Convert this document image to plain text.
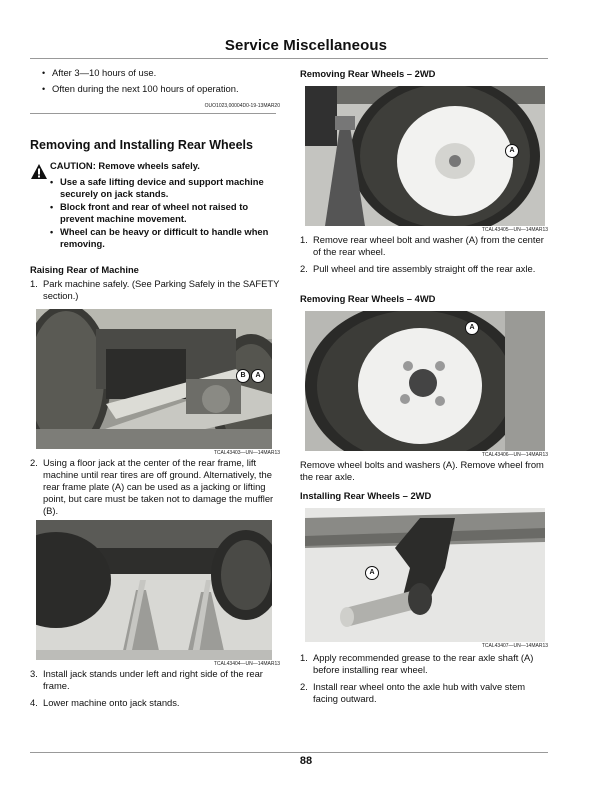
Service Miscellaneous
• After 3—10 hours of use.
• Often during the next 100 hours of operation.
OUO1023,00004D0-19-13MAR20
Removing and Installing Rear Wheels
CAUTION: Remove wheels safely.
• Use a safe lifting device and support machine securely on jack stands.
• Block front and rear of wheel not raised to prevent machine movement.
• Wheel can be heavy or difficult to handle when removing.
Raising Rear of Machine
1. Park machine safely. (See Parking Safely in the SAFETY section.)
B	A
TCAL43403—UN—14MAR13
2. Using a floor jack at the center of the rear frame, lift machine until rear tires are off ground. Alternatively, the rear frame plate (A) can be used as a jacking or lifting point, but care must be taken not to damage the muffler (B).
TCAL43404—UN—14MAR13
3. Install jack stands under left and right side of the rear frame.
4. Lower machine onto jack stands.
Removing Rear Wheels – 2WD
A
TCAL43405—UN—14MAR13
1. Remove rear wheel bolt and washer (A) from the center of the rear wheel.
2. Pull wheel and tire assembly straight off the rear axle.
Removing Rear Wheels – 4WD
A
TCAL43406—UN—14MAR13
Remove wheel bolts and washers (A). Remove wheel from the rear axle.
Installing Rear Wheels – 2WD
A
TCAL43407—UN—14MAR13
1. Apply recommended grease to the rear axle shaft (A) before installing rear wheel.
2. Install rear wheel onto the axle hub with valve stem facing outward.
88
